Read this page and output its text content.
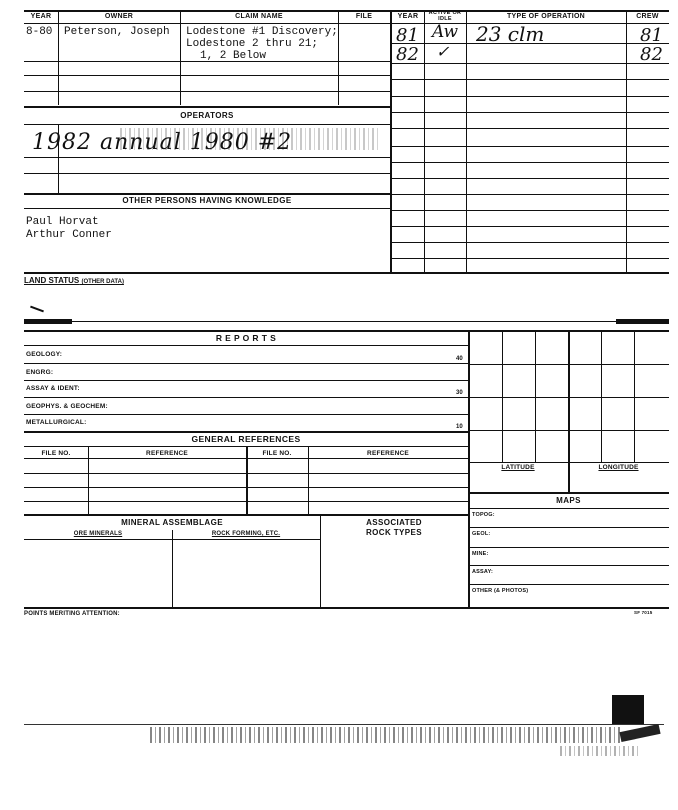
YEAR	OWNER	CLAIM NAME	FILE	YEAR	ACTIVE OR IDLE	TYPE OF OPERATION	CREW
8-80 Peterson, Joseph Lodestone #1 Discovery;
Lodestone 2 thru 21;
1, 2 Below
81 Aw 23 clm	81
82 ✓	82
OPERATORS
1982 annual 1980 #2
OTHER PERSONS HAVING KNOWLEDGE
Paul Horvat
Arthur Conner
LAND STATUS (OTHER DATA)
R E P O R T S
GEOLOGY:
40
ENGRG:
ASSAY & IDENT:
30
GEOPHYS. & GEOCHEM:
METALLURGICAL:
10
GENERAL REFERENCES
FILE NO.	REFERENCE	FILE NO.	REFERENCE
LATITUDE	LONGITUDE
MAPS
TOPOG:
GEOL:
MINE:
ASSAY:
OTHER (& PHOTOS)
MINERAL ASSEMBLAGE
ORE MINERALS	ROCK FORMING, ETC.
ASSOCIATED
ROCK TYPES
POINTS MERITING ATTENTION:	SF 7015
